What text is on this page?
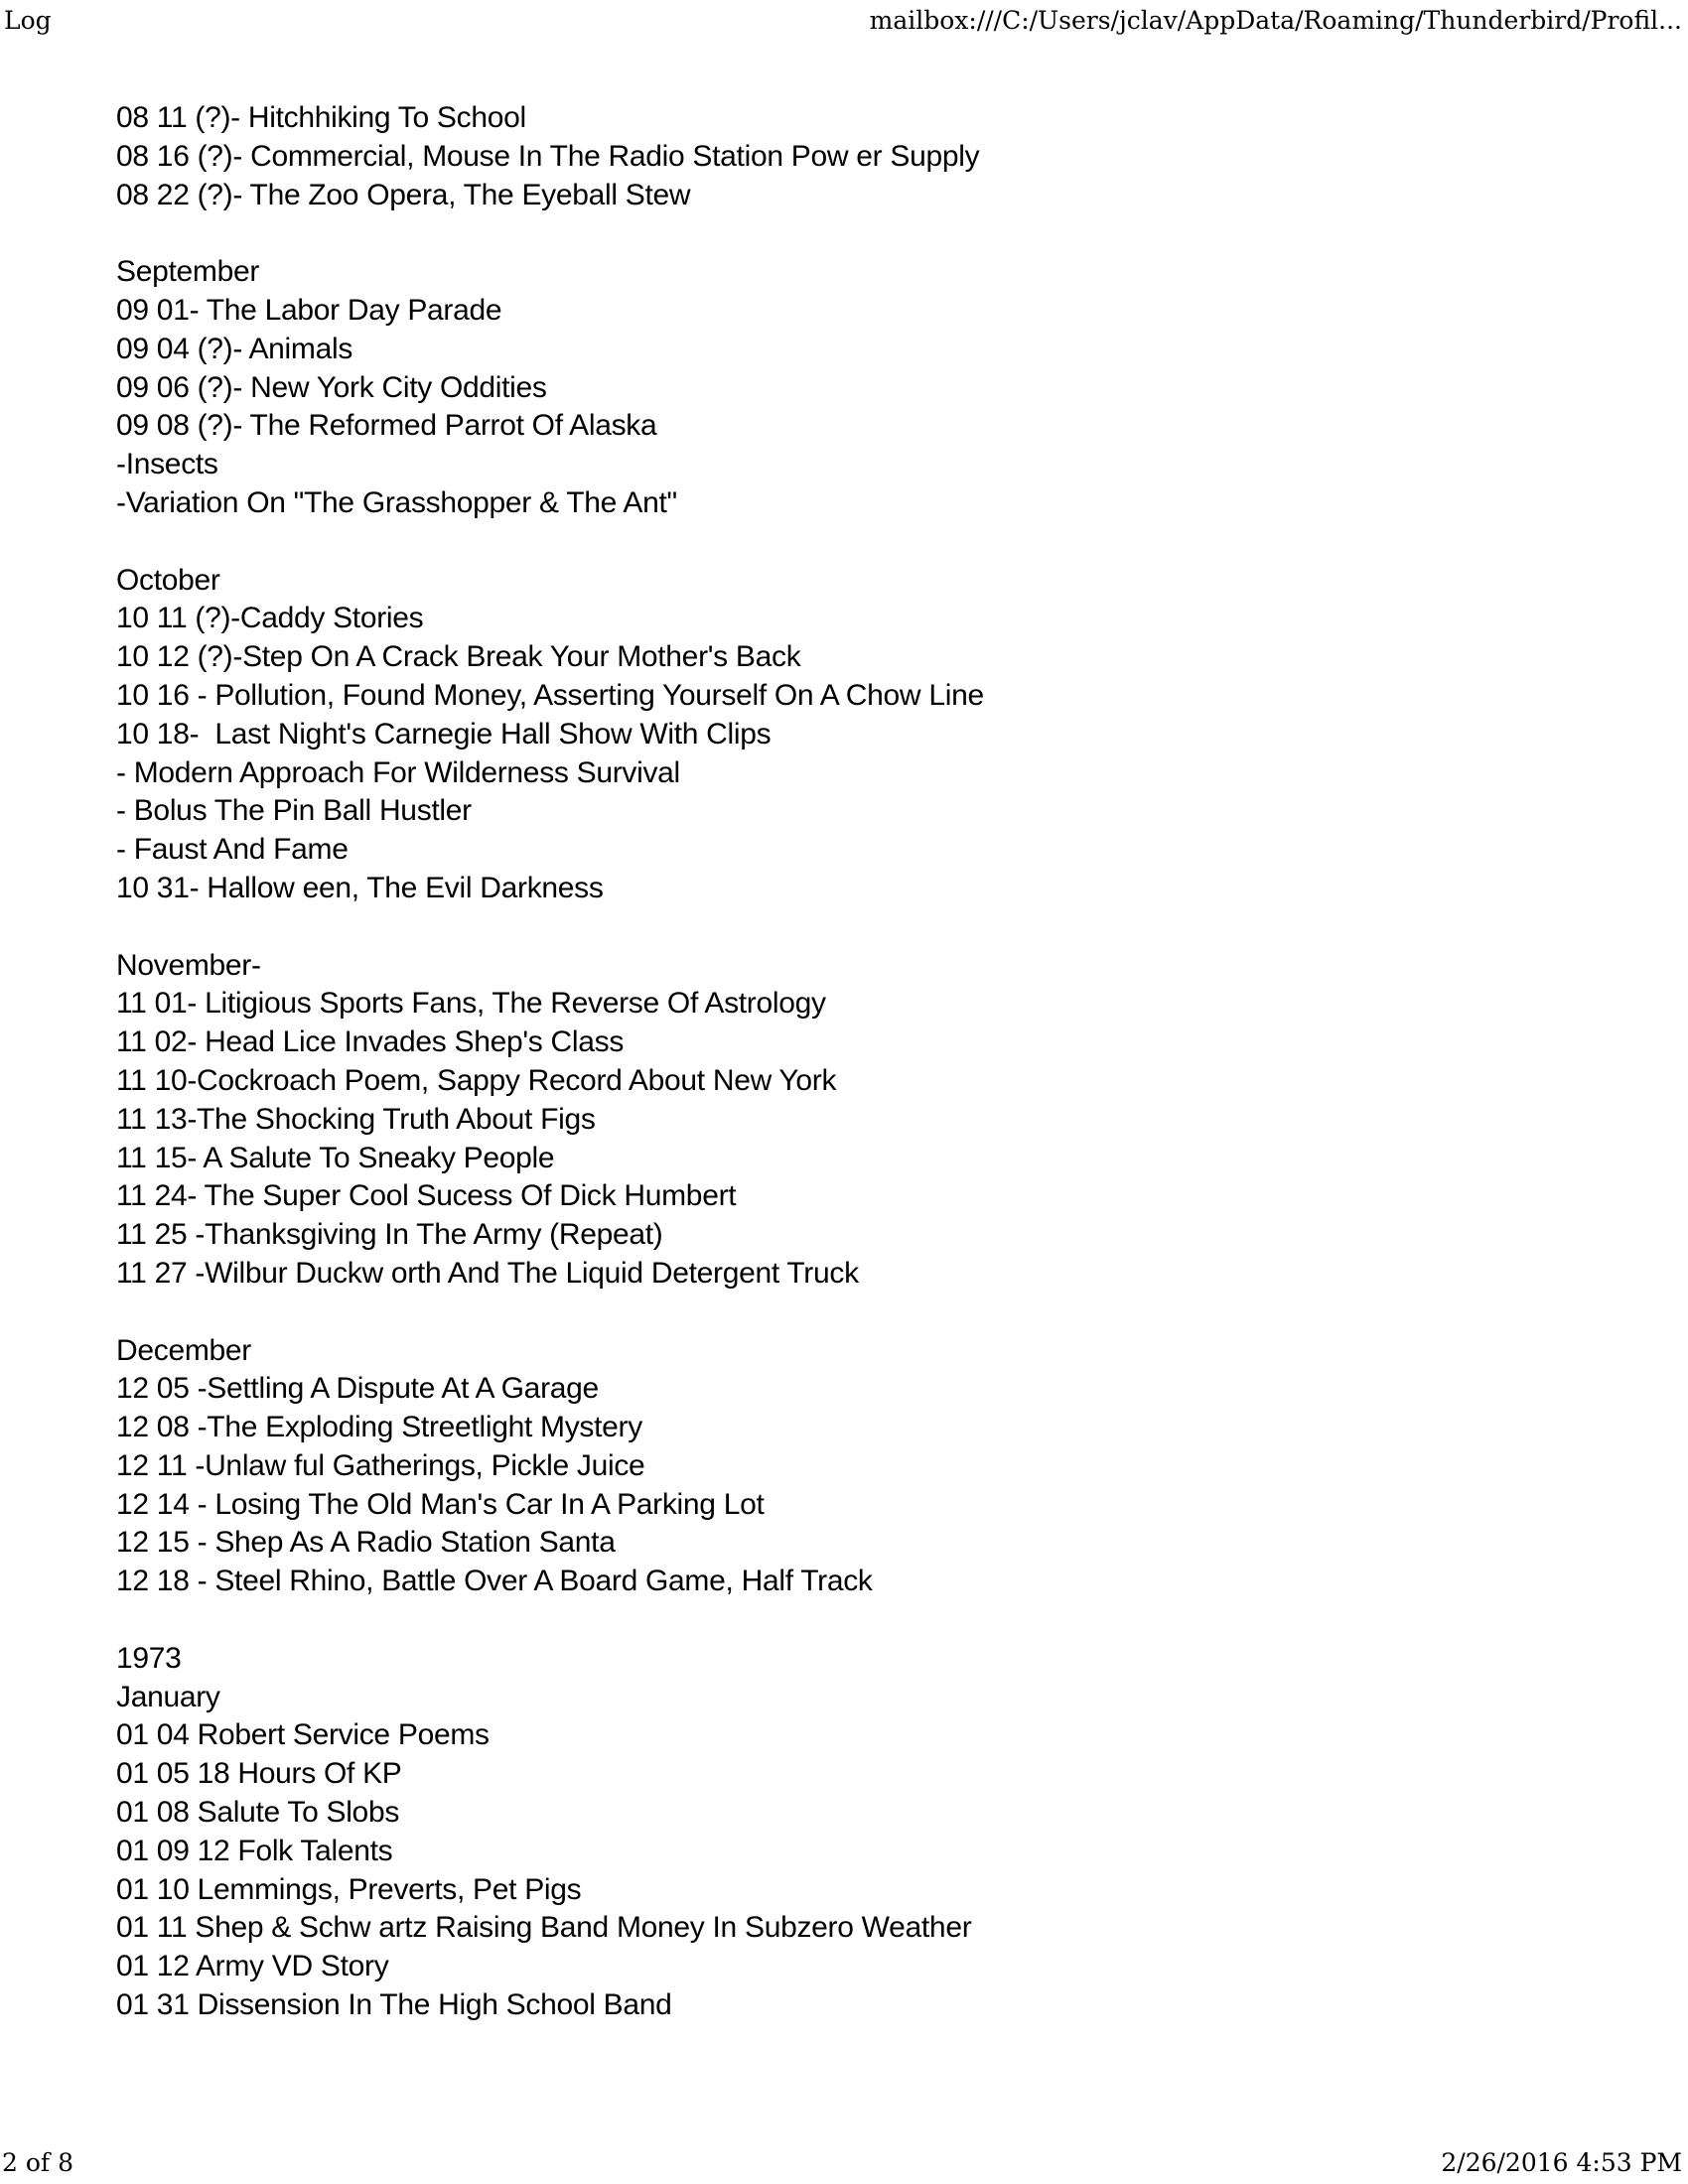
Log	mailbox:///C:/Users/jclav/AppData/Roaming/Thunderbird/Profil...
08 11 (?)- Hitchhiking To School
08 16 (?)- Commercial, Mouse In The Radio Station Pow er Supply
08 22 (?)- The Zoo Opera, The Eyeball Stew
September
09 01- The Labor Day Parade
09 04 (?)- Animals
09 06 (?)- New York City Oddities
09 08 (?)- The Reformed Parrot Of Alaska
-Insects
-Variation On "The Grasshopper & The Ant"
October
10 11 (?)-Caddy Stories
10 12 (?)-Step On A Crack Break Your Mother's Back
10 16 - Pollution, Found Money, Asserting Yourself On A Chow Line
10 18-  Last Night's Carnegie Hall Show With Clips
- Modern Approach For Wilderness Survival
- Bolus The Pin Ball Hustler
- Faust And Fame
10 31- Hallow een, The Evil Darkness
November-
11 01- Litigious Sports Fans, The Reverse Of Astrology
11 02- Head Lice Invades Shep's Class
11 10-Cockroach Poem, Sappy Record About New York
11 13-The Shocking Truth About Figs
11 15- A Salute To Sneaky People
11 24- The Super Cool Sucess Of Dick Humbert
11 25 -Thanksgiving In The Army (Repeat)
11 27 -Wilbur Duckw orth And The Liquid Detergent Truck
December
12 05 -Settling A Dispute At A Garage
12 08 -The Exploding Streetlight Mystery
12 11 -Unlaw ful Gatherings, Pickle Juice
12 14 - Losing The Old Man's Car In A Parking Lot
12 15 - Shep As A Radio Station Santa
12 18 - Steel Rhino, Battle Over A Board Game, Half Track
1973
January
01 04 Robert Service Poems
01 05 18 Hours Of KP
01 08 Salute To Slobs
01 09 12 Folk Talents
01 10 Lemmings, Preverts, Pet Pigs
01 11 Shep & Schw artz Raising Band Money In Subzero Weather
01 12 Army VD Story
01 31 Dissension In The High School Band
2 of 8	2/26/2016 4:53 PM
